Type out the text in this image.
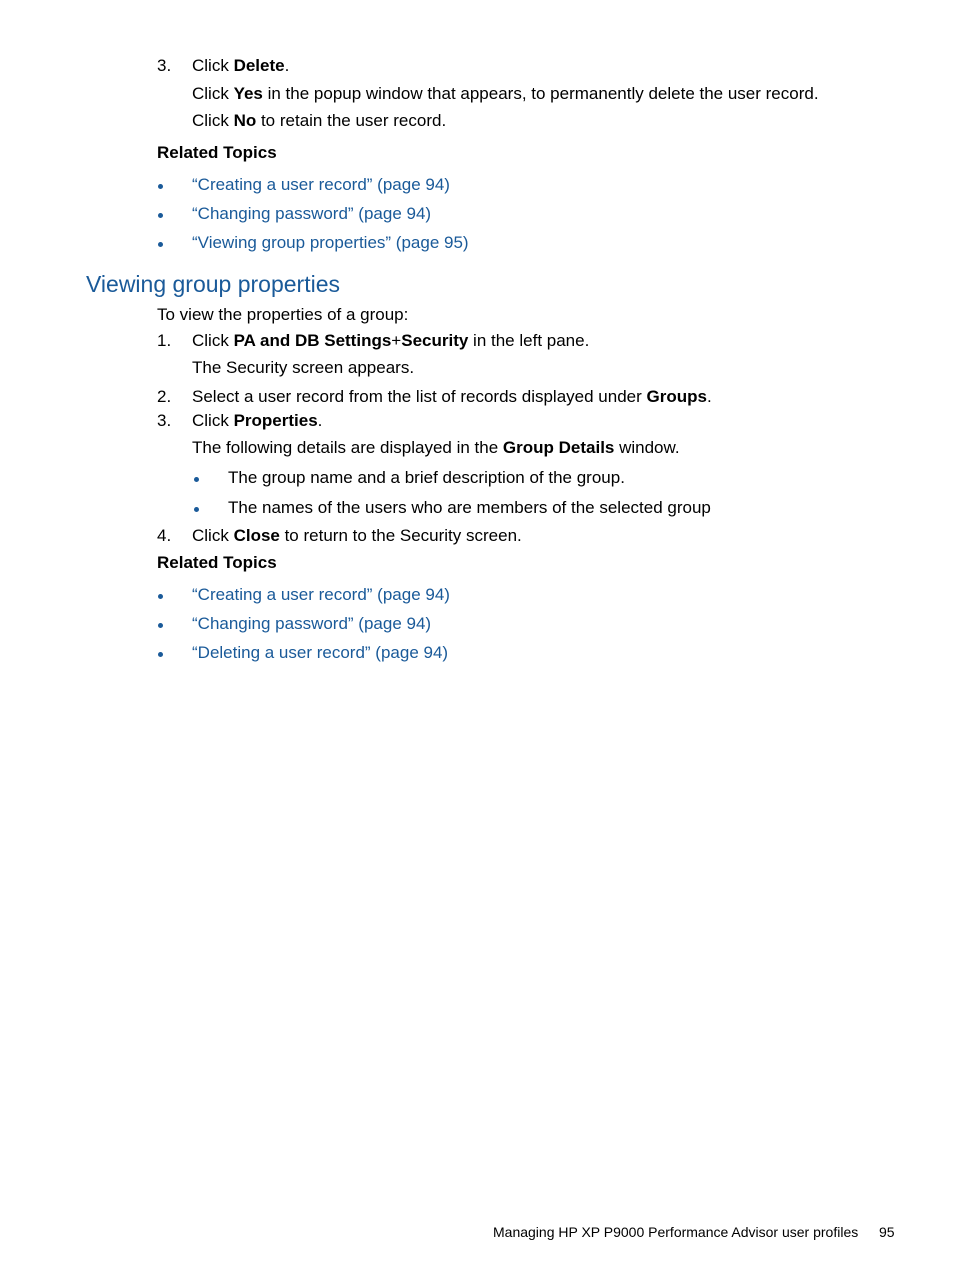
3. Click Delete.
Click Yes in the popup window that appears, to permanently delete the user record.
Click No to retain the user record.
Related Topics
“Creating a user record” (page 94)
“Changing password” (page 94)
“Viewing group properties” (page 95)
Viewing group properties
To view the properties of a group:
1. Click PA and DB Settings+Security in the left pane.
The Security screen appears.
2. Select a user record from the list of records displayed under Groups.
3. Click Properties.
The following details are displayed in the Group Details window.
The group name and a brief description of the group.
The names of the users who are members of the selected group
4. Click Close to return to the Security screen.
Related Topics
“Creating a user record” (page 94)
“Changing password” (page 94)
“Deleting a user record” (page 94)
Managing HP XP P9000 Performance Advisor user profiles 95
